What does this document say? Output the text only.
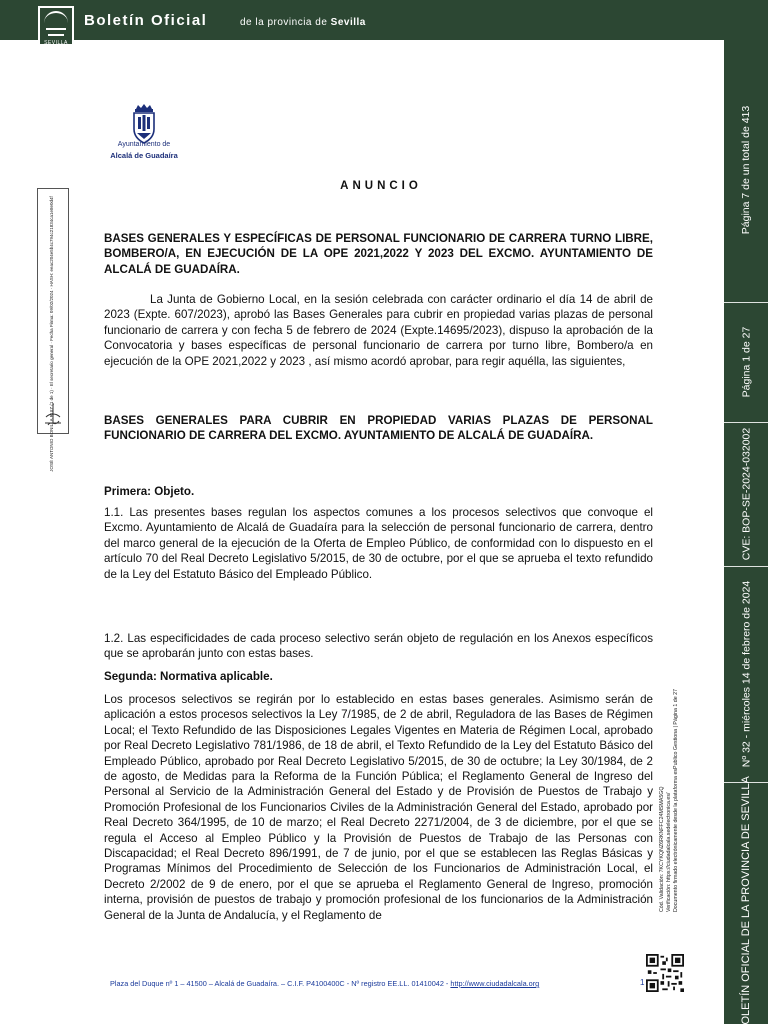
SEVILLA
Boletín Oficial	de la provincia de Sevilla
Página 7 de un total de 413
Página 1 de 27
CVE: BOP-SE-2024-032002
Nº 32 - miércoles 14 de febrero de 2024
BOLETÍN OFICIAL DE LA PROVINCIA DE SEVILLA
JOSÉ ANTONIO BONILLA RUIZ (1 de 1) · El secretario general · Fecha Firma: 09/02/2024 · HASH: eeac204e5b4c794c21834ca1e8e0d4f
Ayuntamiento de
Alcalá de Guadaíra
ANUNCIO
BASES GENERALES Y ESPECÍFICAS DE PERSONAL FUNCIONARIO DE CARRERA TURNO LIBRE, BOMBERO/A, EN EJECUCIÓN DE LA OPE 2021,2022 Y 2023 DEL EXCMO. AYUNTAMIENTO DE ALCALÁ DE GUADAÍRA.
La Junta de Gobierno Local, en la sesión celebrada con carácter ordinario el día 14 de abril de 2023 (Expte. 607/2023), aprobó las Bases Generales para cubrir en propiedad varias plazas de personal funcionario de carrera y con fecha 5 de febrero de 2024 (Expte.14695/2023), dispuso la aprobación de la Convocatoria y bases específicas de personal funcionario de carrera por turno libre, Bombero/a en ejecución de la OPE 2021,2022 y 2023 , así mismo acordó aprobar, para regir aquélla, las siguientes,
BASES GENERALES PARA CUBRIR EN PROPIEDAD VARIAS PLAZAS DE PERSONAL FUNCIONARIO DE CARRERA DEL EXCMO. AYUNTAMIENTO DE ALCALÁ DE GUADAÍRA.
Primera: Objeto.
1.1. Las presentes bases regulan los aspectos comunes a los procesos selectivos que convoque el Excmo. Ayuntamiento de Alcalá de Guadaíra para la selección de personal funcionario de carrera, dentro del marco general de la ejecución de la Oferta de Empleo Público, de conformidad con lo dispuesto en el artículo 70 del Real Decreto Legislativo 5/2015, de 30 de octubre, por el que se aprueba el texto refundido de la Ley del Estatuto Básico del Empleado Público.
1.2. Las especificidades de cada proceso selectivo serán objeto de regulación en los Anexos específicos que se aprobarán junto con estas bases.
Segunda: Normativa aplicable.
Los procesos selectivos se regirán por lo establecido en estas bases generales. Asimismo serán de aplicación a estos procesos selectivos la Ley 7/1985, de 2 de abril, Reguladora de las Bases de Régimen Local; el Texto Refundido de las Disposiciones Legales Vigentes en Materia de Régimen Local, aprobado por Real Decreto Legislativo 781/1986, de 18 de abril, el Texto Refundido de la Ley del Estatuto Básico del Empleado Público, aprobado por Real Decreto Legislativo 5/2015, de 30 de octubre; la Ley 30/1984, de 2 de agosto, de Medidas para la Reforma de la Función Pública; el Reglamento General de Ingreso del Personal al Servicio de la Administración General del Estado y de Provisión de Puestos de Trabajo y Promoción Profesional de los Funcionarios Civiles de la Administración General del Estado, aprobado por Real Decreto 364/1995, de 10 de marzo; el Real Decreto 2271/2004, de 3 de diciembre, por el que se regula el Acceso al Empleo Público y la Provisión de Puestos de Trabajo de las Personas con Discapacidad; el Real Decreto 896/1991, de 7 de junio, por el que se establecen las Reglas Básicas y Programas Mínimos del Procedimiento de Selección de los Funcionarios de Administración Local, el Decreto 2/2002 de 9 de enero, por el que se aprueba el Reglamento General de Ingreso, promoción interna, provisión de puestos de trabajo y promoción profesional de los funcionarios de la Administración General de la Junta de Andalucía, y el Reglamento de
Cód. Validación: 7KCYKQNZ6RKNFFC24MSMA5GQ Verificación: https://ciudadalcala.sedelectronica.es/ Documento firmado electrónicamente desde la plataforma esPublico Gestiona | Página 1 de 27
Plaza del Duque nº 1 – 41500 – Alcalá de Guadaíra. – C.I.F. P4100400C - Nº registro EE.LL. 01410042 - http://www.ciudadalcala.org	1
